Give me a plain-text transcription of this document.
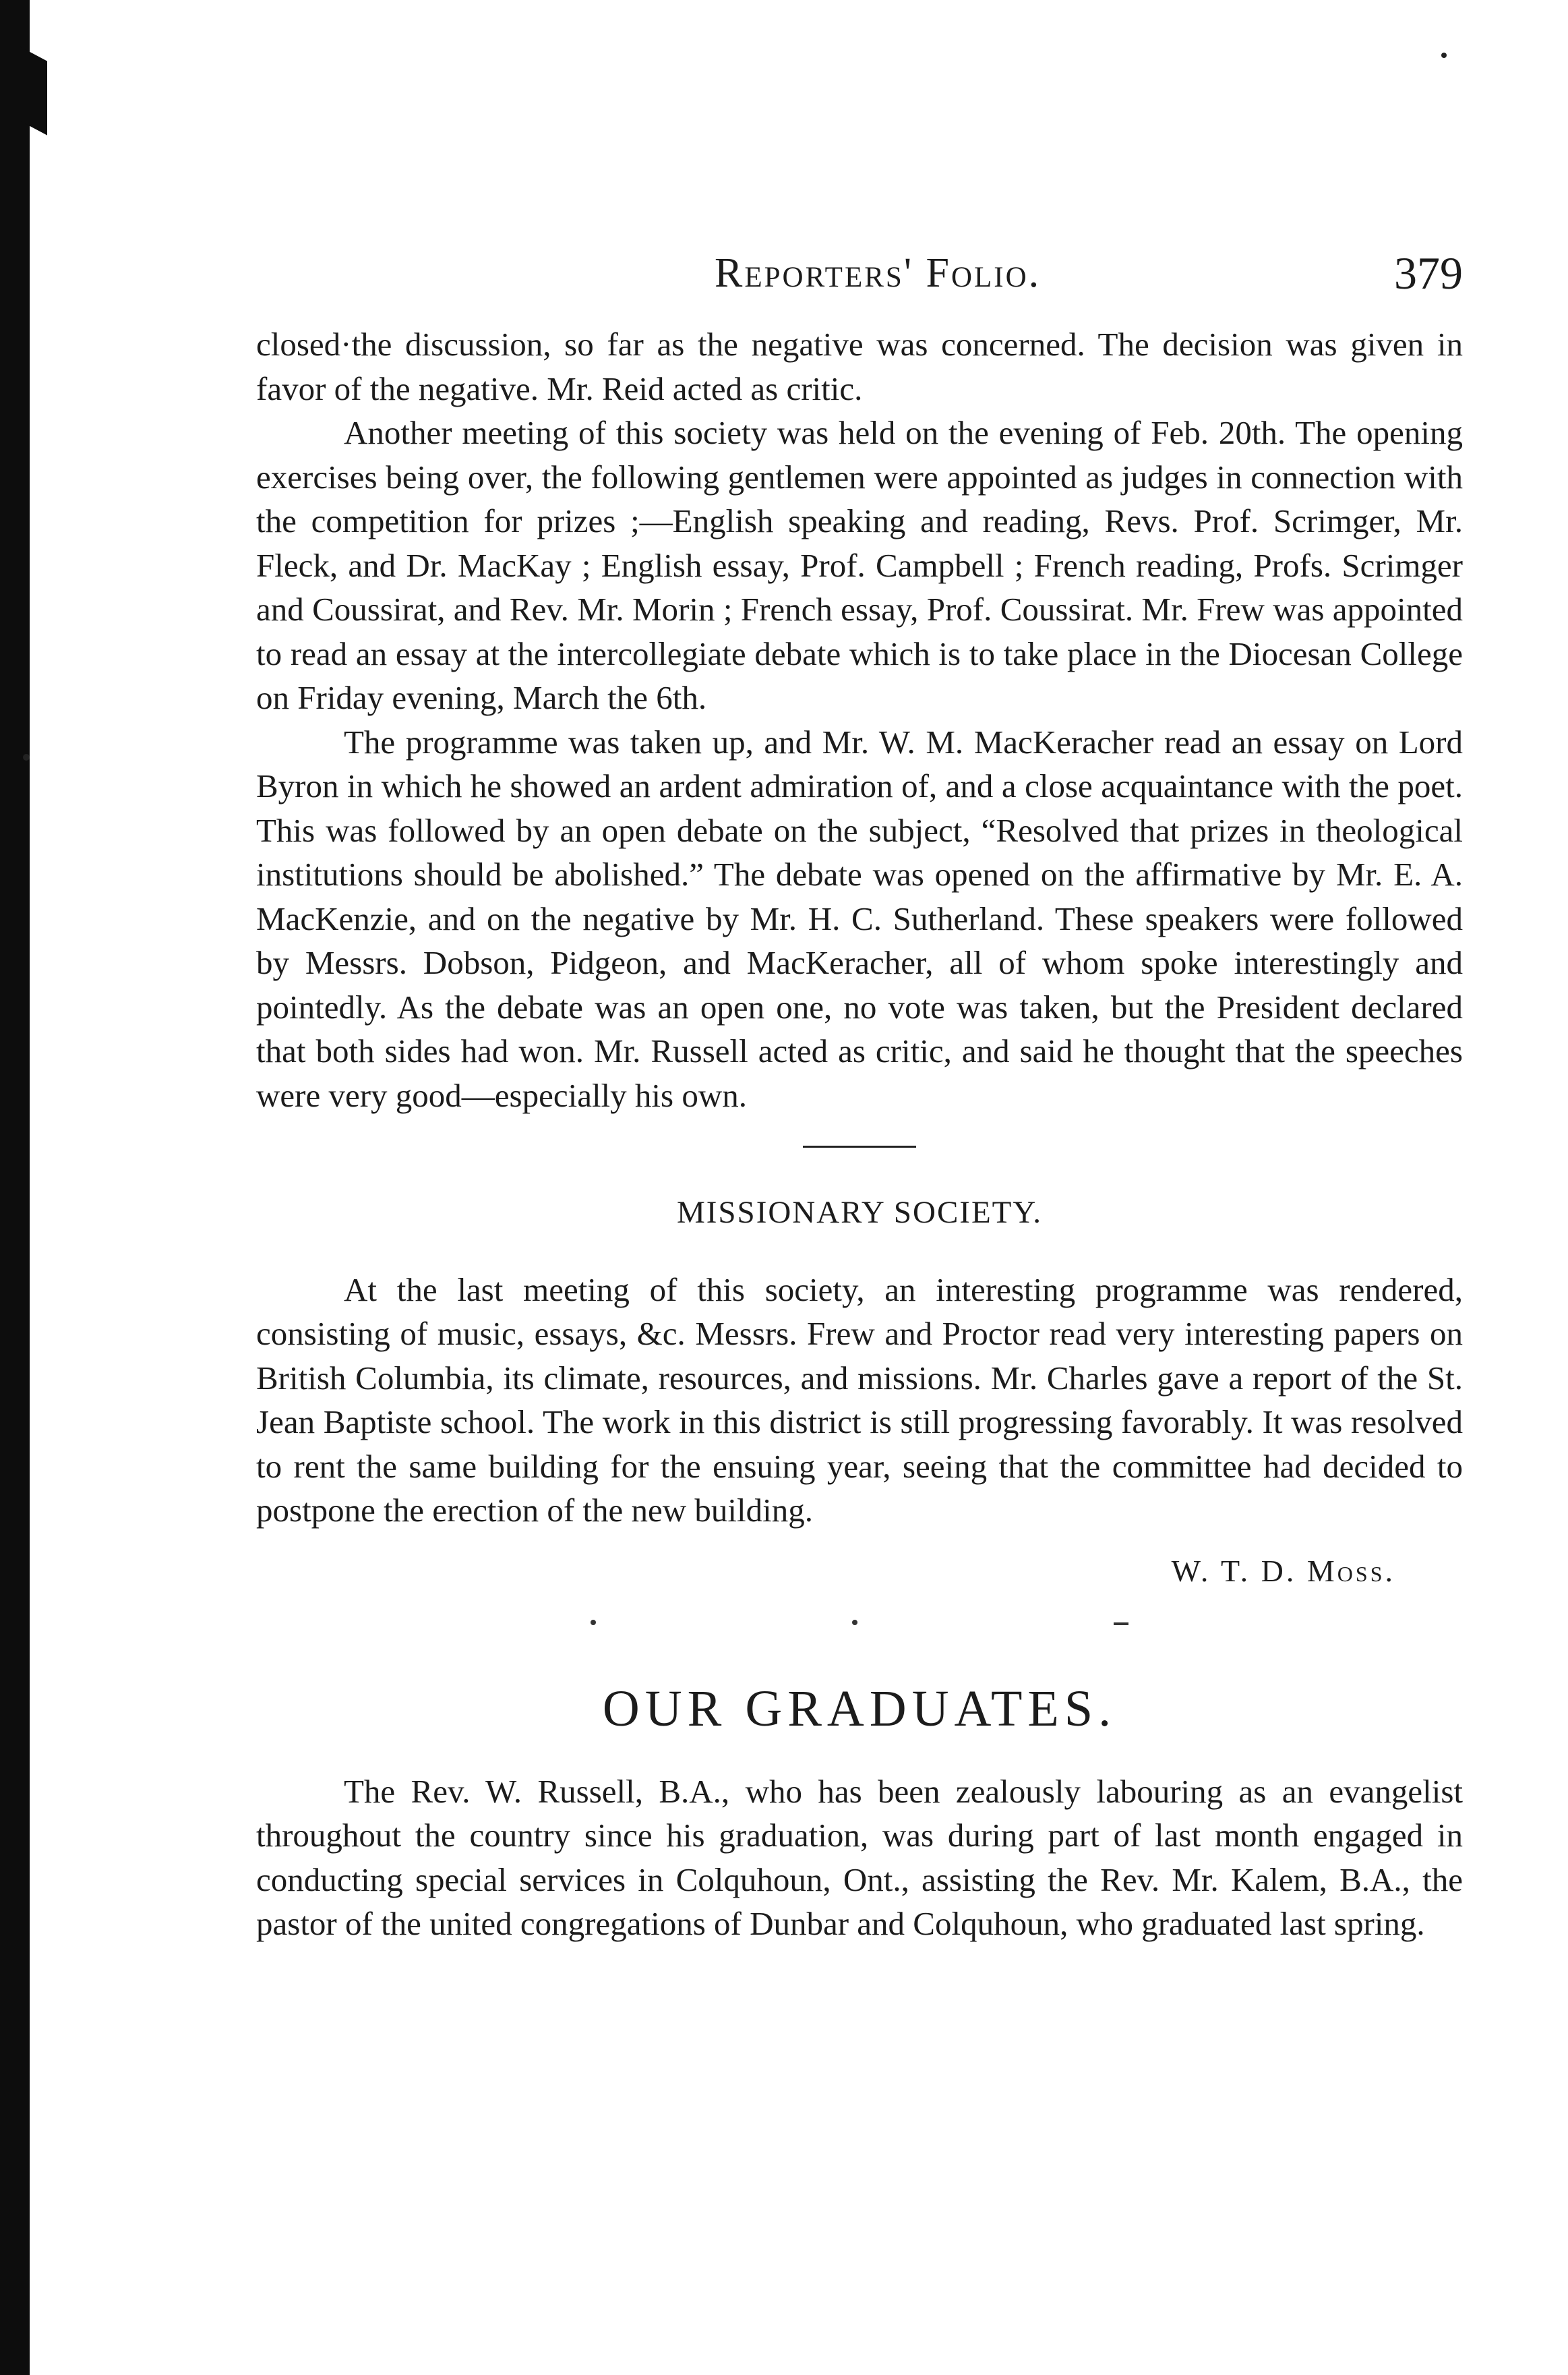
Reporters' Folio.	379

closed·the discussion, so far as the negative was concerned. The decision was given in favor of the negative. Mr. Reid acted as critic.

Another meeting of this society was held on the evening of Feb. 20th. The opening exercises being over, the following gentlemen were appointed as judges in connection with the competition for prizes ;—English speaking and reading, Revs. Prof. Scrimger, Mr. Fleck, and Dr. MacKay ; English essay, Prof. Campbell ; French reading, Profs. Scrimger and Coussirat, and Rev. Mr. Morin ; French essay, Prof. Coussirat. Mr. Frew was appointed to read an essay at the intercollegiate debate which is to take place in the Diocesan College on Friday evening, March the 6th.

The programme was taken up, and Mr. W. M. MacKeracher read an essay on Lord Byron in which he showed an ardent admiration of, and a close acquaintance with the poet. This was followed by an open debate on the subject, “Resolved that prizes in theological institutions should be abolished.” The debate was opened on the affirmative by Mr. E. A. MacKenzie, and on the negative by Mr. H. C. Sutherland. These speakers were followed by Messrs. Dobson, Pidgeon, and MacKeracher, all of whom spoke interestingly and pointedly. As the debate was an open one, no vote was taken, but the President declared that both sides had won. Mr. Russell acted as critic, and said he thought that the speeches were very good—especially his own.

MISSIONARY SOCIETY.

At the last meeting of this society, an interesting programme was rendered, consisting of music, essays, &c. Messrs. Frew and Proctor read very interesting papers on British Columbia, its climate, resources, and missions. Mr. Charles gave a report of the St. Jean Baptiste school. The work in this district is still progressing favorably. It was resolved to rent the same building for the ensuing year, seeing that the committee had decided to postpone the erection of the new building.

W. T. D. Moss.
OUR GRADUATES.

The Rev. W. Russell, B.A., who has been zealously labouring as an evangelist throughout the country since his graduation, was during part of last month engaged in conducting special services in Colquhoun, Ont., assisting the Rev. Mr. Kalem, B.A., the pastor of the united congregations of Dunbar and Colquhoun, who graduated last spring.
